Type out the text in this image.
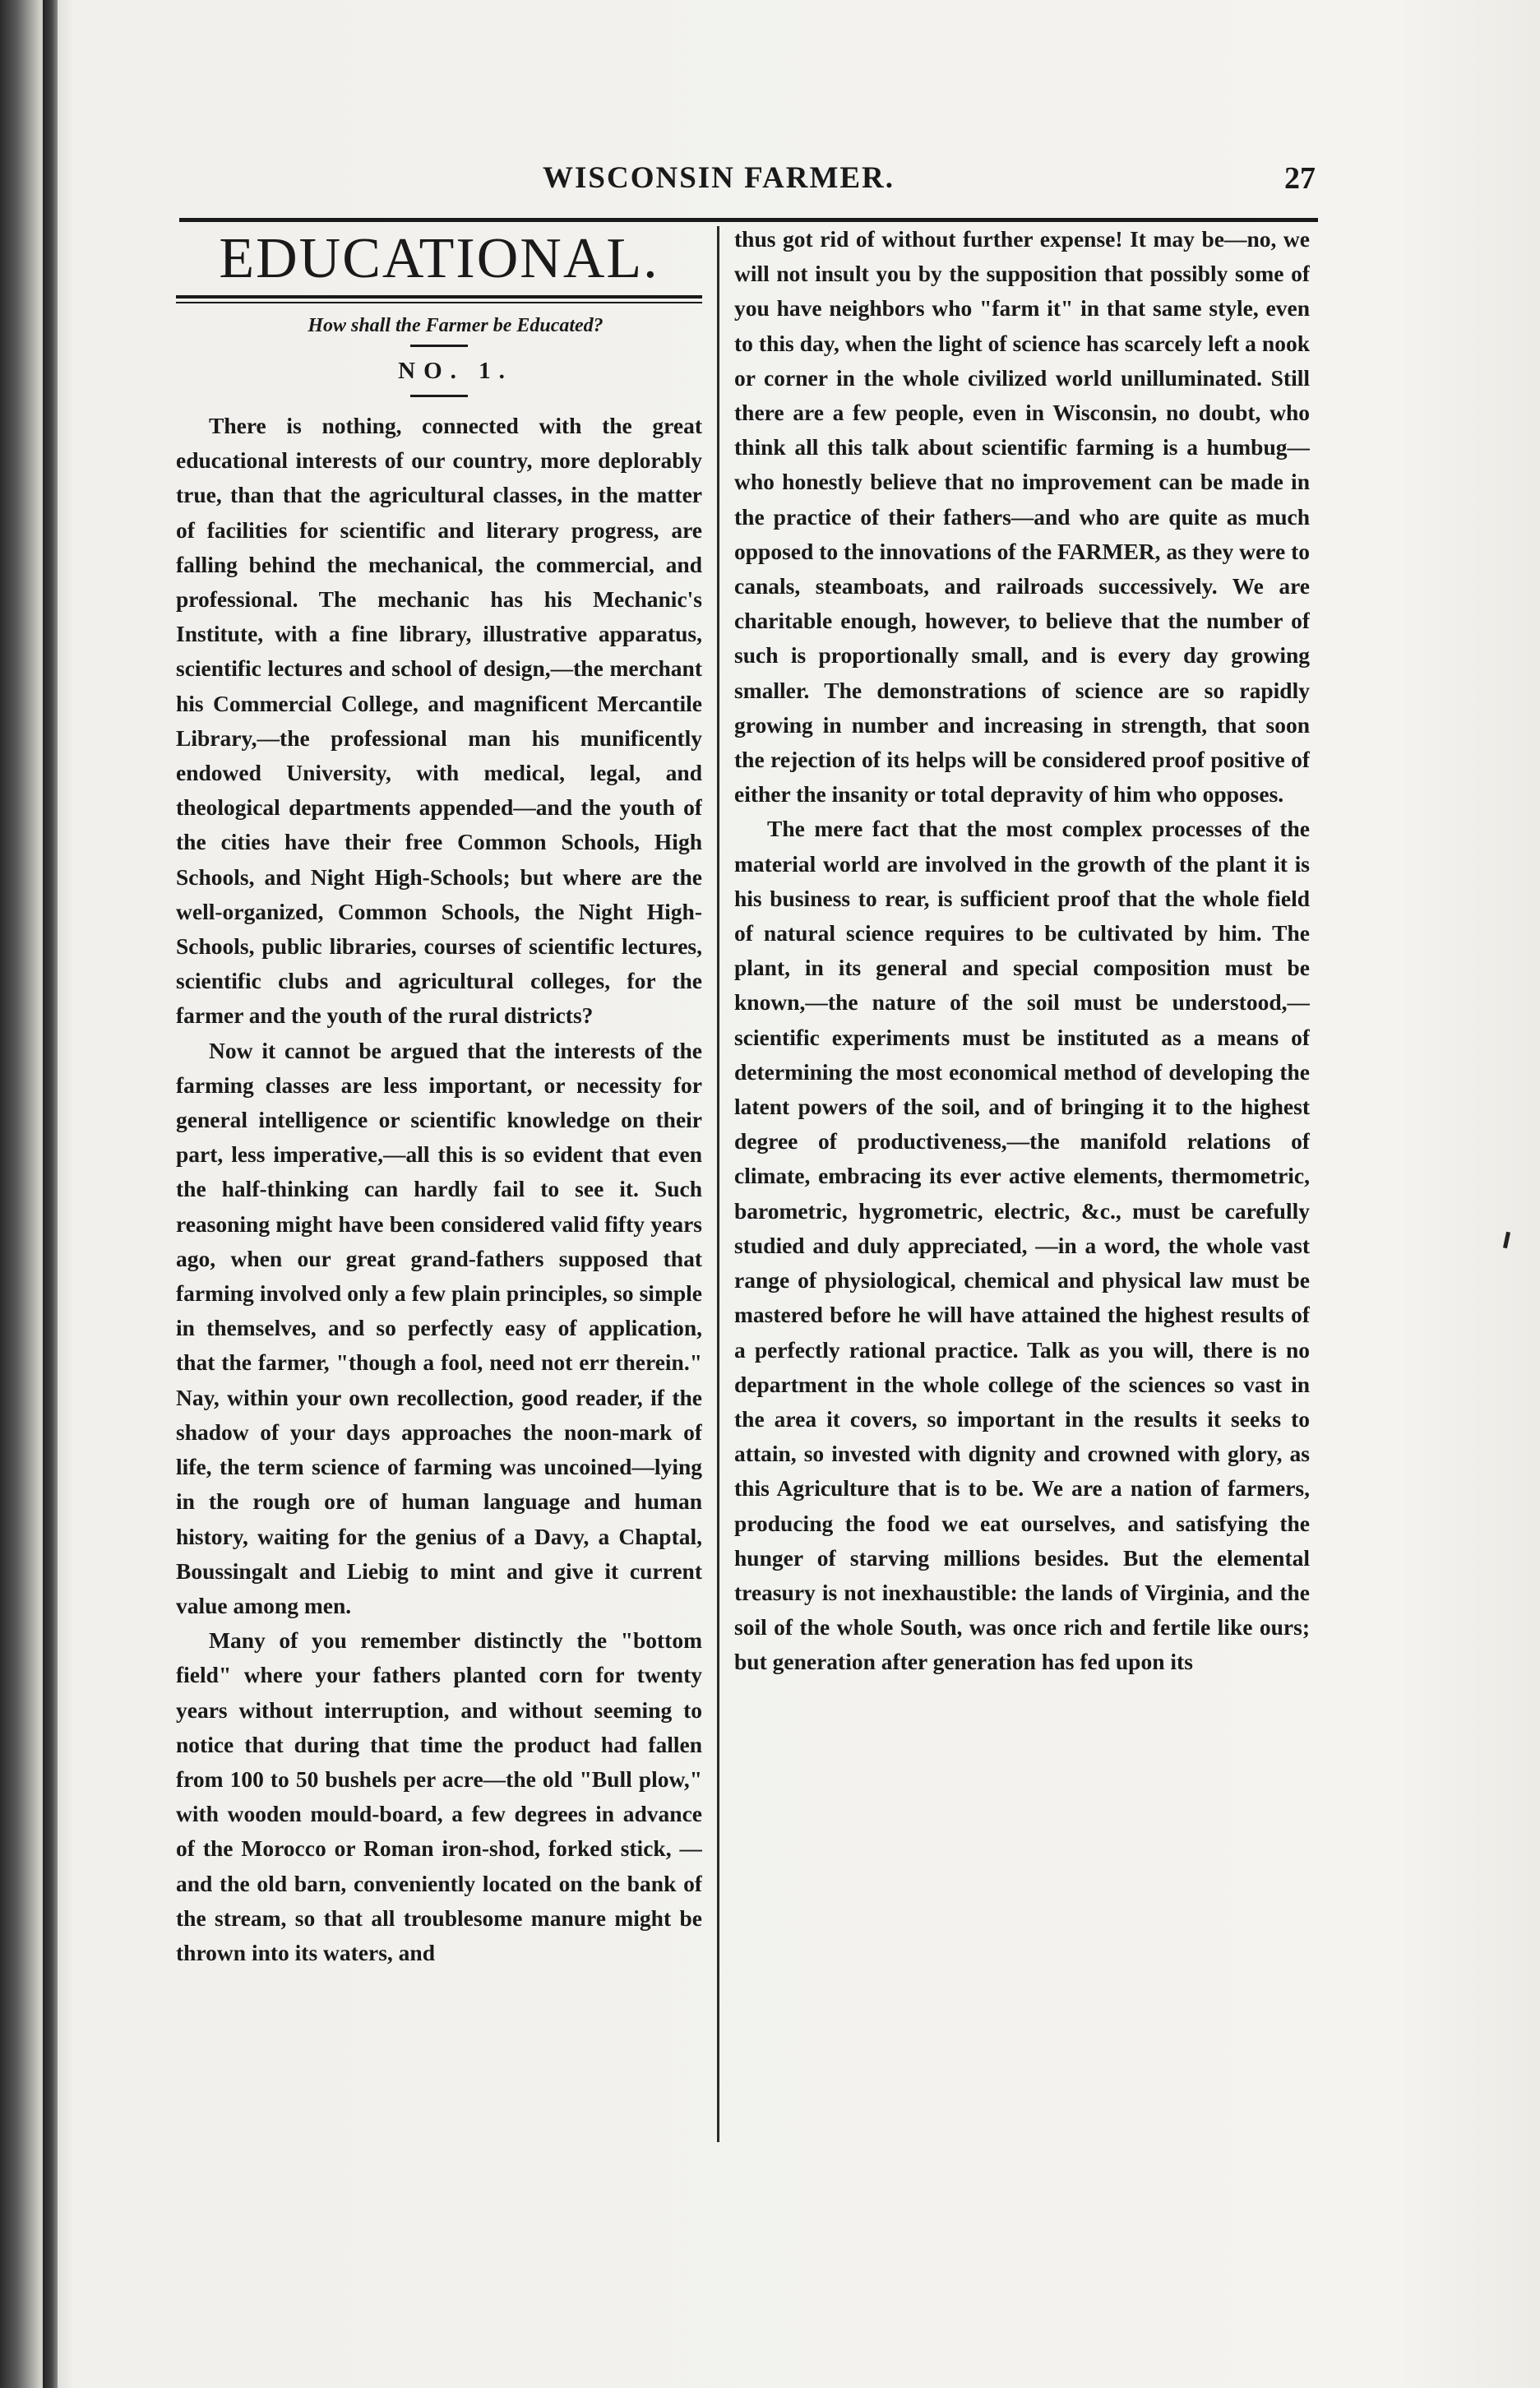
WISCONSIN FARMER.	27
EDUCATIONAL.

How shall the Farmer be Educated?

NO. 1.

There is nothing, connected with the great educational interests of our country, more deplorably true, than that the agricultural classes, in the matter of facilities for scientific and literary progress, are falling behind the mechanical, the commercial, and professional. The mechanic has his Mechanic's Institute, with a fine library, illustrative apparatus, scientific lectures and school of design,—the merchant his Commercial College, and magnificent Mercantile Library,—the professional man his munificently endowed University, with medical, legal, and theological departments appended—and the youth of the cities have their free Common Schools, High Schools, and Night High-Schools; but where are the well-organized, Common Schools, the Night High-Schools, public libraries, courses of scientific lectures, scientific clubs and agricultural colleges, for the farmer and the youth of the rural districts?

Now it cannot be argued that the interests of the farming classes are less important, or necessity for general intelligence or scientific knowledge on their part, less imperative,—all this is so evident that even the half-thinking can hardly fail to see it. Such reasoning might have been considered valid fifty years ago, when our great grand-fathers supposed that farming involved only a few plain principles, so simple in themselves, and so perfectly easy of application, that the farmer, "though a fool, need not err therein." Nay, within your own recollection, good reader, if the shadow of your days approaches the noon-mark of life, the term science of farming was uncoined—lying in the rough ore of human language and human history, waiting for the genius of a Davy, a Chaptal, Boussingalt and Liebig to mint and give it current value among men.

Many of you remember distinctly the "bottom field" where your fathers planted corn for twenty years without interruption, and without seeming to notice that during that time the product had fallen from 100 to 50 bushels per acre—the old "Bull plow," with wooden mould-board, a few degrees in advance of the Morocco or Roman iron-shod, forked stick, —and the old barn, conveniently located on the bank of the stream, so that all troublesome manure might be thrown into its waters, and

thus got rid of without further expense! It may be—no, we will not insult you by the supposition that possibly some of you have neighbors who "farm it" in that same style, even to this day, when the light of science has scarcely left a nook or corner in the whole civilized world unilluminated. Still there are a few people, even in Wisconsin, no doubt, who think all this talk about scientific farming is a humbug—who honestly believe that no improvement can be made in the practice of their fathers—and who are quite as much opposed to the innovations of the FARMER, as they were to canals, steamboats, and railroads successively. We are charitable enough, however, to believe that the number of such is proportionally small, and is every day growing smaller. The demonstrations of science are so rapidly growing in number and increasing in strength, that soon the rejection of its helps will be considered proof positive of either the insanity or total depravity of him who opposes.

The mere fact that the most complex processes of the material world are involved in the growth of the plant it is his business to rear, is sufficient proof that the whole field of natural science requires to be cultivated by him. The plant, in its general and special composition must be known,—the nature of the soil must be understood,—scientific experiments must be instituted as a means of determining the most economical method of developing the latent powers of the soil, and of bringing it to the highest degree of productiveness,—the manifold relations of climate, embracing its ever active elements, thermometric, barometric, hygrometric, electric, &c., must be carefully studied and duly appreciated, —in a word, the whole vast range of physiological, chemical and physical law must be mastered before he will have attained the highest results of a perfectly rational practice. Talk as you will, there is no department in the whole college of the sciences so vast in the area it covers, so important in the results it seeks to attain, so invested with dignity and crowned with glory, as this Agriculture that is to be. We are a nation of farmers, producing the food we eat ourselves, and satisfying the hunger of starving millions besides. But the elemental treasury is not inexhaustible: the lands of Virginia, and the soil of the whole South, was once rich and fertile like ours; but generation after generation has fed upon its
